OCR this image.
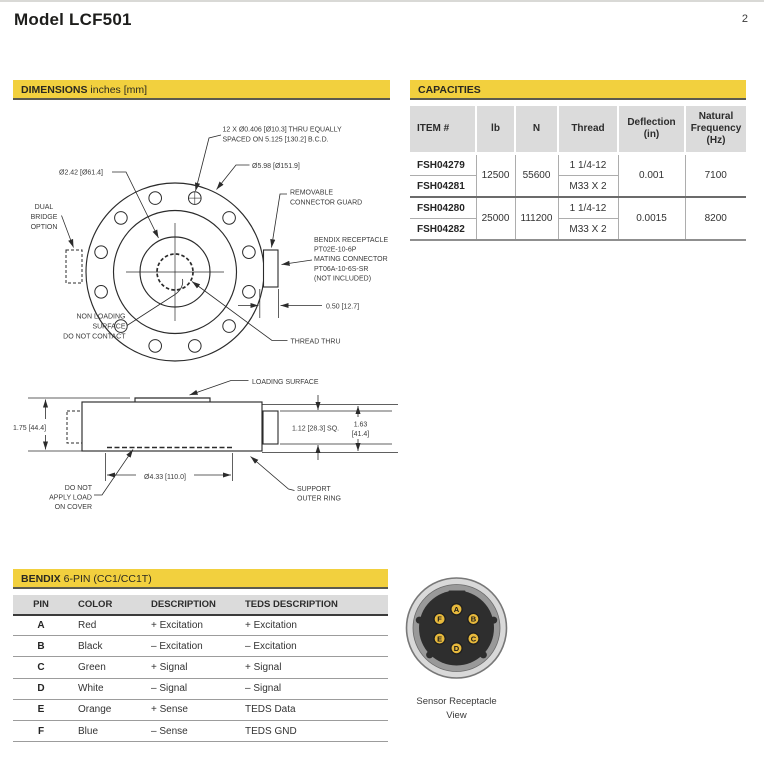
Model LCF501	2
DIMENSIONS inches [mm]	CAPACITIES
ITEM #	lb	N	Thread	Deflection (in)	Natural Frequency (Hz)
FSH04279	12500	55600	1 1/4-12	0.001	7100
FSH04281			M33 X 2		
FSH04280	25000	111200	1 1/4-12	0.0015	8200
FSH04282			M33 X 2		
12 X Ø0.406 [Ø10.3] THRU EQUALLY
SPACED ON 5.125 [130.2] B.C.D.
Ø5.98 [Ø151.9]
Ø2.42 [Ø61.4]
DUAL
BRIDGE
OPTION
REMOVABLE
CONNECTOR GUARD
BENDIX RECEPTACLE
PT02E-10-6P
MATING CONNECTOR
PT06A-10-6S-SR
(NOT INCLUDED)
0.50 [12.7]
THREAD THRU
NON LOADING
SURFACE
DO NOT CONTACT
LOADING SURFACE
1.75 [44.4]	1.12 [28.3] SQ.
1.63
[41.4]
Ø4.33 [110.0]
DO NOT
APPLY LOAD
ON COVER
SUPPORT
OUTER RING
BENDIX 6-PIN (CC1/CC1T)
PIN	COLOR	DESCRIPTION	TEDS DESCRIPTION
A	Red	+ Excitation	+ Excitation
B	Black	– Excitation	– Excitation
C	Green	+ Signal	+ Signal
D	White	– Signal	– Signal
E	Orange	+ Sense	TEDS Data
F	Blue	– Sense	TEDS GND
A
B
C
D
E
F
Sensor Receptacle
View
